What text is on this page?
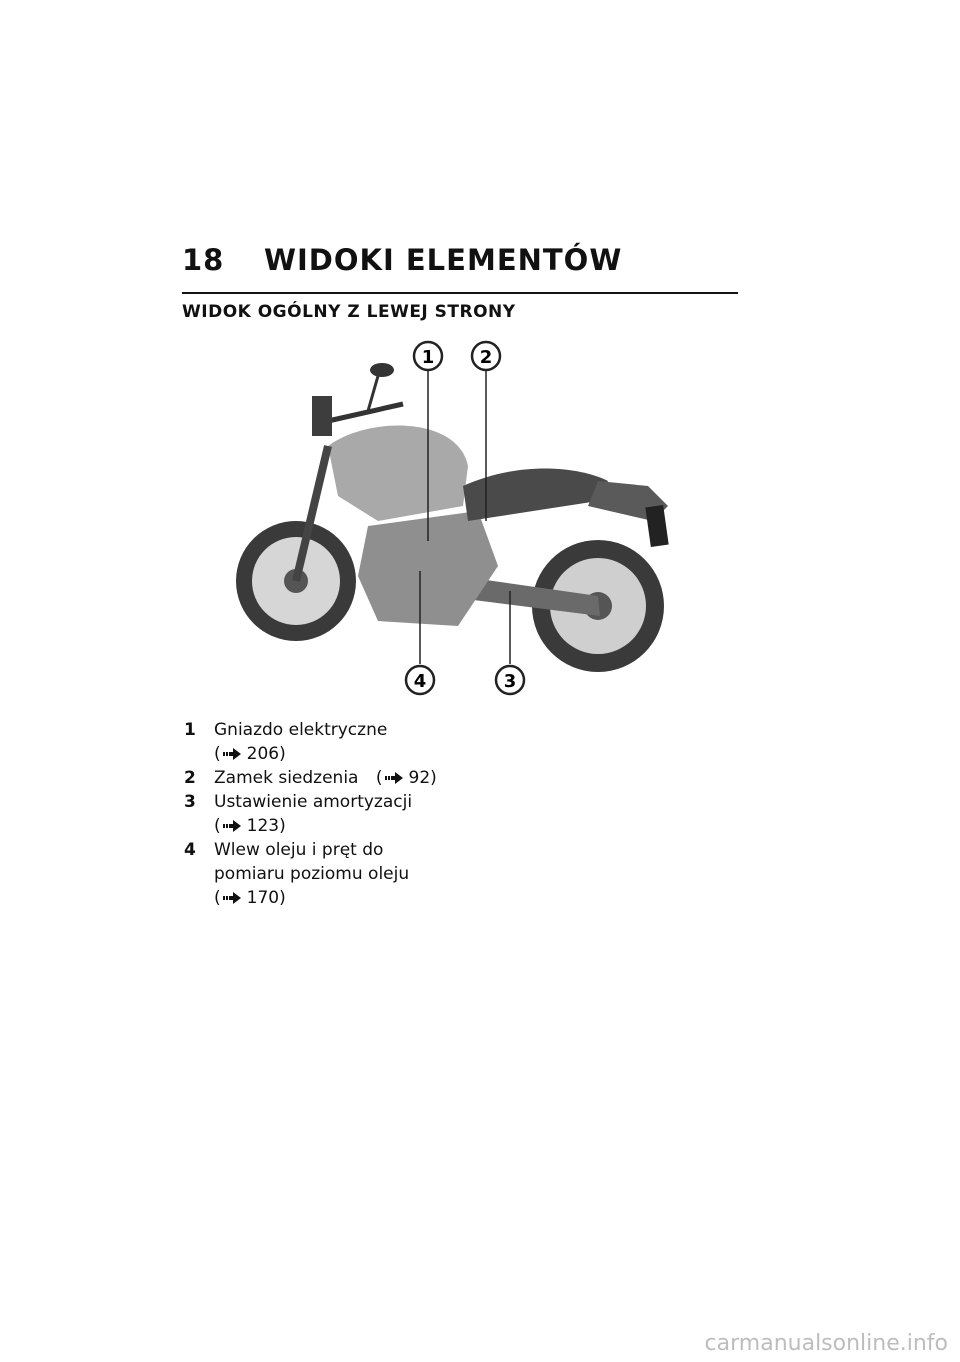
18	WIDOKI ELEMENTÓW
WIDOK OGÓLNY Z LEWEJ STRONY
1	2
3
4
1	Gniazdo elektryczne

( 206 )
2	Zamek siedzenia ( 92 )
3	Ustawienie amortyzacji

( 123 )
4	Wlew oleju i pręt do
pomiaru poziomu oleju

( 170 )
carmanualsonline.info
